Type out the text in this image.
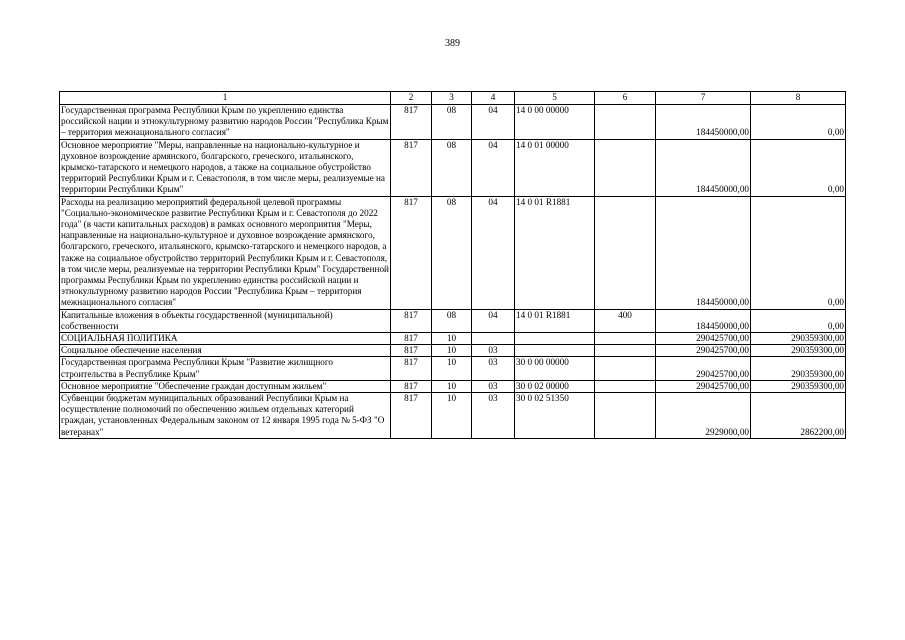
389
1	2	3	4	5	6	7	8
Государственная программа Республики Крым по укреплению единства российской нации и этнокультурному развитию народов России "Республика Крым – территория межнационального согласия"	817	08	04	14 0 00 00000		184450000,00	0,00
Основное мероприятие "Меры, направленные на национально-культурное и духовное возрождение армянского, болгарского, греческого, итальянского, крымско-татарского и немецкого народов, а также на социальное обустройство территорий Республики Крым и г. Севастополя, в том числе меры, реализуемые на территории Республики Крым"	817	08	04	14 0 01 00000		184450000,00	0,00
Расходы на реализацию мероприятий федеральной целевой программы "Социально-экономическое развитие Республики Крым и г. Севастополя до 2022 года" (в части капитальных расходов) в рамках основного мероприятия "Меры, направленные на национально-культурное и духовное возрождение армянского, болгарского, греческого, итальянского, крымско-татарского и немецкого народов, а также на социальное обустройство территорий Республики Крым и г. Севастополя, в том числе меры, реализуемые на территории Республики Крым" Государственной программы Республики Крым по укреплению единства российской нации и этнокультурному развитию народов России "Республика Крым – территория межнационального согласия"	817	08	04	14 0 01 R1881		184450000,00	0,00
Капитальные вложения в объекты государственной (муниципальной) собственности	817	08	04	14 0 01 R1881	400	184450000,00	0,00
СОЦИАЛЬНАЯ ПОЛИТИКА	817	10				290425700,00	290359300,00
Социальное обеспечение населения	817	10	03			290425700,00	290359300,00
Государственная программа Республики Крым "Развитие жилищного строительства в Республике Крым"	817	10	03	30 0 00 00000		290425700,00	290359300,00
Основное мероприятие "Обеспечение граждан доступным жильем"	817	10	03	30 0 02 00000		290425700,00	290359300,00
Субвенции бюджетам муниципальных образований Республики Крым на осуществление полномочий по обеспечению жильем отдельных категорий граждан, установленных Федеральным законом от 12 января 1995 года № 5-ФЗ "О ветеранах"	817	10	03	30 0 02 51350		2929000,00	2862200,00
